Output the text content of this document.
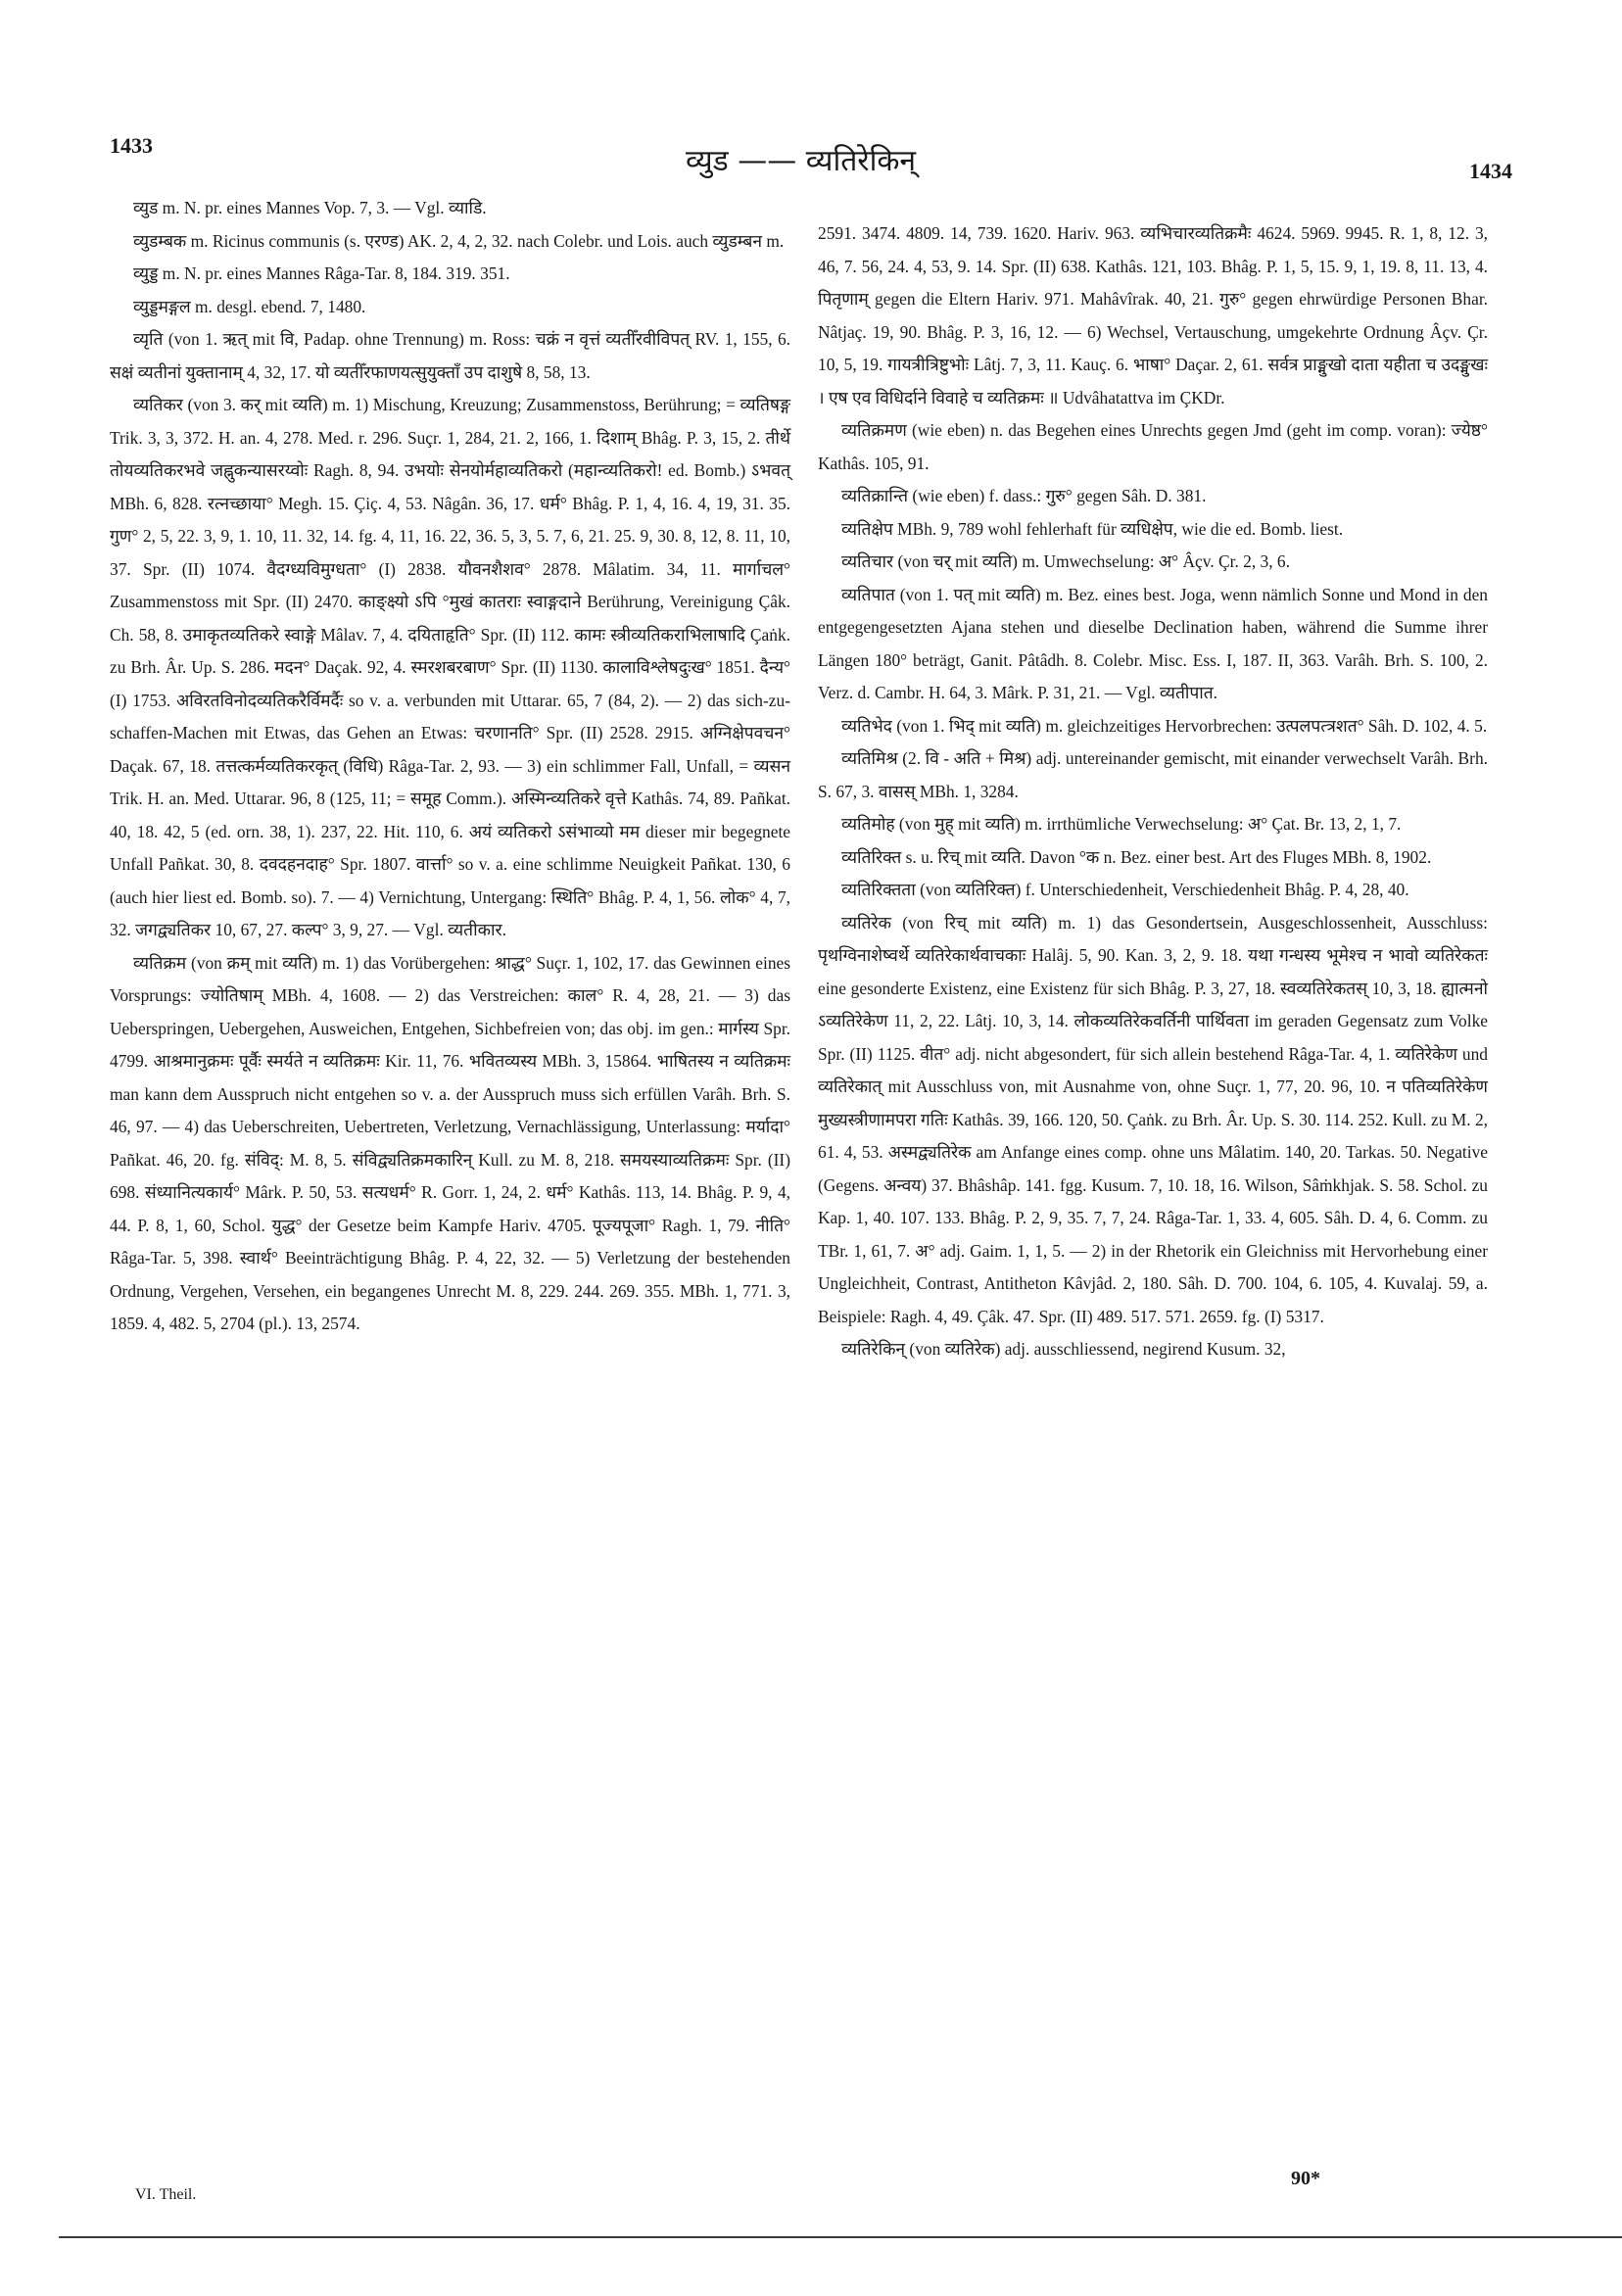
1433	व्युड —— व्यतिरेकिन्	1434

व्युड m. N. pr. eines Mannes Vop. 7, 3. — Vgl. व्याडि.

व्युडम्बक m. Ricinus communis (s. एरण्ड) AK. 2, 4, 2, 32. nach Colebr. und Lois. auch व्युडम्बन m.

व्युड्ड m. N. pr. eines Mannes Râga-Tar. 8, 184. 319. 351.

व्युड्डमङ्गल m. desgl. ebend. 7, 1480.

व्यृति (von 1. ऋत् mit वि, Padap. ohne Trennung) m. Ross: चक्रं न वृत्तं व्यतीँरवीविपत् RV. 1, 155, 6. सक्षं व्यतीनां युक्तानाम् 4, 32, 17. यो व्यतीँरफाणयत्सुयुक्ताँ उप दाशुषे 8, 58, 13.

व्यतिकर (von 3. कर् mit व्यति) m. 1) Mischung, Kreuzung; Zusammenstoss, Berührung; = व्यतिषङ्ग Trik. 3, 3, 372. H. an. 4, 278. Med. r. 296. Suçr. 1, 284, 21. 2, 166, 1. दिशाम् Bhâg. P. 3, 15, 2. तीर्थे तोयव्यतिकरभवे जह्नुकन्यासरय्वोः Ragh. 8, 94. उभयोः सेनयोर्महाव्यतिकरो (महान्व्यतिकरो! ed. Bomb.) ऽभवत् MBh. 6, 828. रत्नच्छाया° Megh. 15. Çiç. 4, 53. Nâgân. 36, 17. धर्म° Bhâg. P. 1, 4, 16. 4, 19, 31. 35. गुण° 2, 5, 22. 3, 9, 1. 10, 11. 32, 14. fg. 4, 11, 16. 22, 36. 5, 3, 5. 7, 6, 21. 25. 9, 30. 8, 12, 8. 11, 10, 37. Spr. (II) 1074. वैदग्ध्यविमुग्धता° (I) 2838. यौवनशैशव° 2878. Mâlatim. 34, 11. मार्गाचल° Zusammenstoss mit Spr. (II) 2470. काङ्क्ष्यो ऽपि °मुखं कातराः स्वाङ्गदाने Berührung, Vereinigung Çâk. Ch. 58, 8. उमाकृतव्यतिकरे स्वाङ्गे Mâlav. 7, 4. दयिताहृति° Spr. (II) 112. कामः स्त्रीव्यतिकराभिलाषादि Çaṅk. zu Brh. Âr. Up. S. 286. मदन° Daçak. 92, 4. स्मरशबरबाण° Spr. (II) 1130. कालाविश्लेषदुःख° 1851. दैन्य° (I) 1753. अविरतविनोदव्यतिकरैर्विमर्दैः so v. a. verbunden mit Uttarar. 65, 7 (84, 2). — 2) das sich-zu-schaffen-Machen mit Etwas, das Gehen an Etwas: चरणानति° Spr. (II) 2528. 2915. अग्निक्षेपवचन° Daçak. 67, 18. तत्तत्कर्मव्यतिकरकृत् (विधि) Râga-Tar. 2, 93. — 3) ein schlimmer Fall, Unfall, = व्यसन Trik. H. an. Med. Uttarar. 96, 8 (125, 11; = समूह Comm.). अस्मिन्व्यतिकरे वृत्ते Kathâs. 74, 89. Pañkat. 40, 18. 42, 5 (ed. orn. 38, 1). 237, 22. Hit. 110, 6. अयं व्यतिकरो ऽसंभाव्यो मम dieser mir begegnete Unfall Pañkat. 30, 8. दवदहनदाह° Spr. 1807. वार्त्ता° so v. a. eine schlimme Neuigkeit Pañkat. 130, 6 (auch hier liest ed. Bomb. so). 7. — 4) Vernichtung, Untergang: स्थिति° Bhâg. P. 4, 1, 56. लोक° 4, 7, 32. जगद्व्यतिकर 10, 67, 27. कल्प° 3, 9, 27. — Vgl. व्यतीकार.

व्यतिक्रम (von क्रम् mit व्यति) m. 1) das Vorübergehen: श्राद्ध° Suçr. 1, 102, 17. das Gewinnen eines Vorsprungs: ज्योतिषाम् MBh. 4, 1608. — 2) das Verstreichen: काल° R. 4, 28, 21. — 3) das Ueberspringen, Uebergehen, Ausweichen, Entgehen, Sichbefreien von; das obj. im gen.: मार्गस्य Spr. 4799. आश्रमानुक्रमः पूर्वैः स्मर्यते न व्यतिक्रमः Kir. 11, 76. भवितव्यस्य MBh. 3, 15864. भाषितस्य न व्यतिक्रमः man kann dem Ausspruch nicht entgehen so v. a. der Ausspruch muss sich erfüllen Varâh. Brh. S. 46, 97. — 4) das Ueberschreiten, Uebertreten, Verletzung, Vernachlässigung, Unterlassung: मर्यादा° Pañkat. 46, 20. fg. संविद्: M. 8, 5. संविद्व्यतिक्रमकारिन् Kull. zu M. 8, 218. समयस्याव्यतिक्रमः Spr. (II) 698. संध्यानित्यकार्य° Mârk. P. 50, 53. सत्यधर्म° R. Gorr. 1, 24, 2. धर्म° Kathâs. 113, 14. Bhâg. P. 9, 4, 44. P. 8, 1, 60, Schol. युद्ध° der Gesetze beim Kampfe Hariv. 4705. पूज्यपूजा° Ragh. 1, 79. नीति° Râga-Tar. 5, 398. स्वार्थ° Beeinträchtigung Bhâg. P. 4, 22, 32. — 5) Verletzung der bestehenden Ordnung, Vergehen, Versehen, ein begangenes Unrecht M. 8, 229. 244. 269. 355. MBh. 1, 771. 3, 1859. 4, 482. 5, 2704 (pl.). 13, 2574.

2591. 3474. 4809. 14, 739. 1620. Hariv. 963. व्यभिचारव्यतिक्रमैः 4624. 5969. 9945. R. 1, 8, 12. 3, 46, 7. 56, 24. 4, 53, 9. 14. Spr. (II) 638. Kathâs. 121, 103. Bhâg. P. 1, 5, 15. 9, 1, 19. 8, 11. 13, 4. पितृणाम् gegen die Eltern Hariv. 971. Mahâvîrak. 40, 21. गुरु° gegen ehrwürdige Personen Bhar. Nâtjaç. 19, 90. Bhâg. P. 3, 16, 12. — 6) Wechsel, Vertauschung, umgekehrte Ordnung Âçv. Çr. 10, 5, 19. गायत्रीत्रिष्टुभोः Lâtj. 7, 3, 11. Kauç. 6. भाषा° Daçar. 2, 61. सर्वत्र प्राङ्मुखो दाता यहीता च उदङ्मुखः । एष एव विधिर्दाने विवाहे च व्यतिक्रमः ॥ Udvâhatattva im ÇKDr.

व्यतिक्रमण (wie eben) n. das Begehen eines Unrechts gegen Jmd (geht im comp. voran): ज्येष्ठ° Kathâs. 105, 91.

व्यतिक्रान्ति (wie eben) f. dass.: गुरु° gegen Sâh. D. 381.

व्यतिक्षेप MBh. 9, 789 wohl fehlerhaft für व्यधिक्षेप, wie die ed. Bomb. liest.

व्यतिचार (von चर् mit व्यति) m. Umwechselung: अ° Âçv. Çr. 2, 3, 6.

व्यतिपात (von 1. पत् mit व्यति) m. Bez. eines best. Joga, wenn nämlich Sonne und Mond in den entgegengesetzten Ajana stehen und dieselbe Declination haben, während die Summe ihrer Längen 180° beträgt, Ganit. Pâtâdh. 8. Colebr. Misc. Ess. I, 187. II, 363. Varâh. Brh. S. 100, 2. Verz. d. Cambr. H. 64, 3. Mârk. P. 31, 21. — Vgl. व्यतीपात.

व्यतिभेद (von 1. भिद् mit व्यति) m. gleichzeitiges Hervorbrechen: उत्पलपत्त्रशत° Sâh. D. 102, 4. 5.

व्यतिमिश्र (2. वि - अति + मिश्र) adj. untereinander gemischt, mit einander verwechselt Varâh. Brh. S. 67, 3. वासस् MBh. 1, 3284.

व्यतिमोह (von मुह् mit व्यति) m. irrthümliche Verwechselung: अ° Çat. Br. 13, 2, 1, 7.

व्यतिरिक्त s. u. रिच् mit व्यति. Davon °क n. Bez. einer best. Art des Fluges MBh. 8, 1902.

व्यतिरिक्तता (von व्यतिरिक्त) f. Unterschiedenheit, Verschiedenheit Bhâg. P. 4, 28, 40.

व्यतिरेक (von रिच् mit व्यति) m. 1) das Gesondertsein, Ausgeschlossenheit, Ausschluss: पृथग्विनाशेष्वर्थे व्यतिरेकार्थवाचकाः Halâj. 5, 90. Kan. 3, 2, 9. 18. यथा गन्धस्य भूमेश्च न भावो व्यतिरेकतः eine gesonderte Existenz, eine Existenz für sich Bhâg. P. 3, 27, 18. स्वव्यतिरेकतस् 10, 3, 18. ह्यात्मनो ऽव्यतिरेकेण 11, 2, 22. Lâtj. 10, 3, 14. लोकव्यतिरेकवर्तिनी पार्थिवता im geraden Gegensatz zum Volke Spr. (II) 1125. वीत° adj. nicht abgesondert, für sich allein bestehend Râga-Tar. 4, 1. व्यतिरेकेण und व्यतिरेकात् mit Ausschluss von, mit Ausnahme von, ohne Suçr. 1, 77, 20. 96, 10. न पतिव्यतिरेकेण मुख्यस्त्रीणामपरा गतिः Kathâs. 39, 166. 120, 50. Çaṅk. zu Brh. Âr. Up. S. 30. 114. 252. Kull. zu M. 2, 61. 4, 53. अस्मद्व्यतिरेक am Anfange eines comp. ohne uns Mâlatim. 140, 20. Tarkas. 50. Negative (Gegens. अन्वय) 37. Bhâshâp. 141. fgg. Kusum. 7, 10. 18, 16. Wilson, Sâṁkhjak. S. 58. Schol. zu Kap. 1, 40. 107. 133. Bhâg. P. 2, 9, 35. 7, 7, 24. Râga-Tar. 1, 33. 4, 605. Sâh. D. 4, 6. Comm. zu TBr. 1, 61, 7. अ° adj. Gaim. 1, 1, 5. — 2) in der Rhetorik ein Gleichniss mit Hervorhebung einer Ungleichheit, Contrast, Antitheton Kâvjâd. 2, 180. Sâh. D. 700. 104, 6. 105, 4. Kuvalaj. 59, a. Beispiele: Ragh. 4, 49. Çâk. 47. Spr. (II) 489. 517. 571. 2659. fg. (I) 5317.

व्यतिरेकिन् (von व्यतिरेक) adj. ausschliessend, negirend Kusum. 32,

VI. Theil.
90*
